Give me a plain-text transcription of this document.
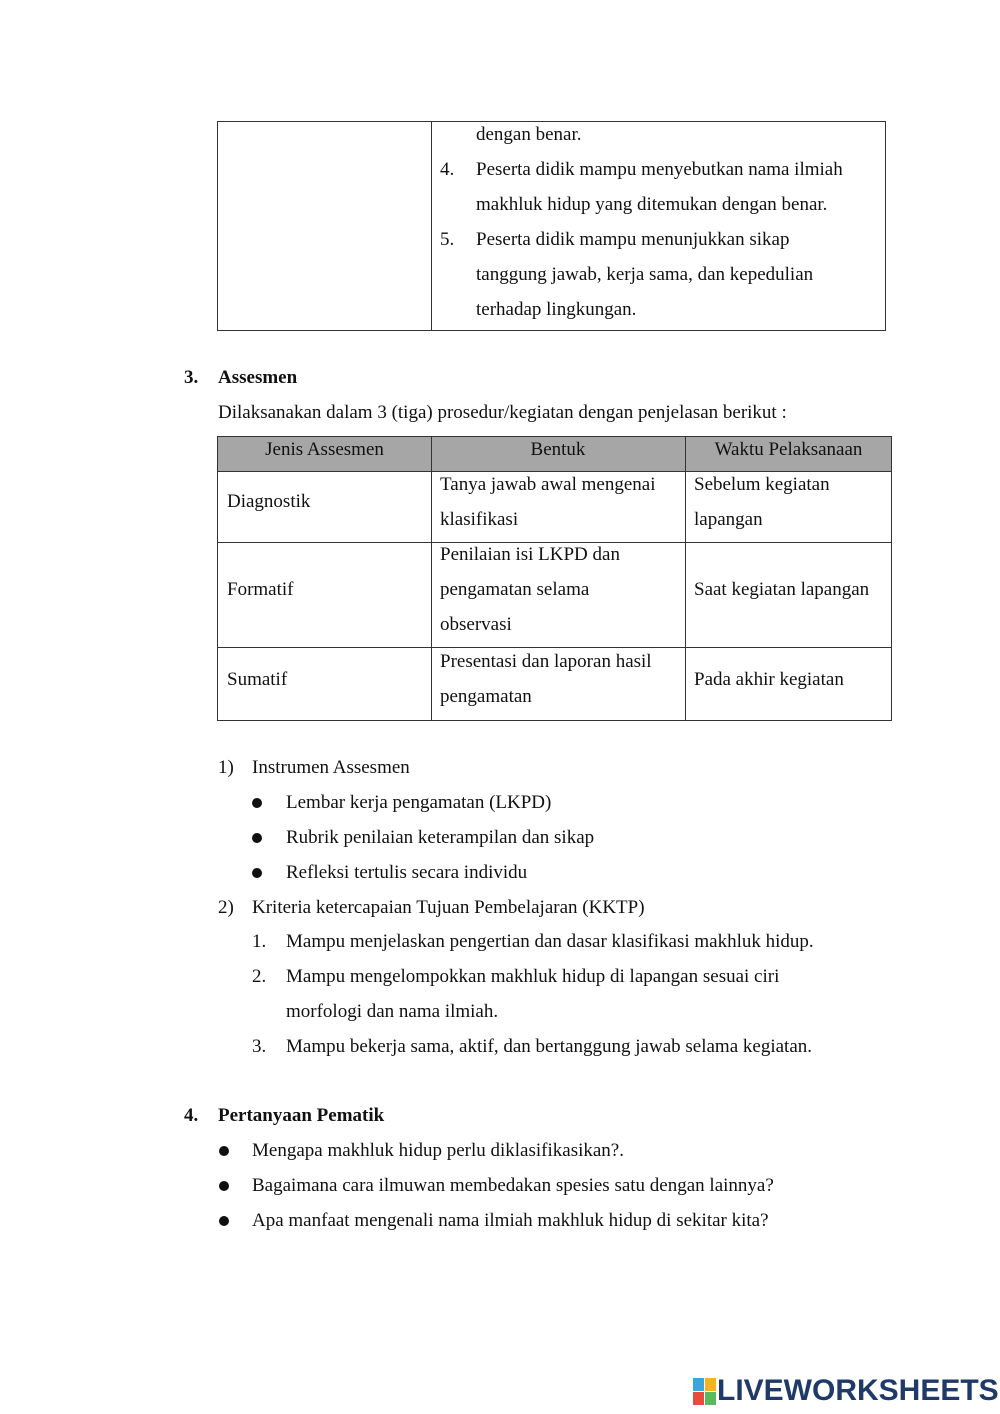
dengan benar.
4. Peserta didik mampu menyebutkan nama ilmiah
makhluk hidup yang ditemukan dengan benar.
5. Peserta didik mampu menunjukkan sikap
tanggung jawab, kerja sama, dan kepedulian
terhadap lingkungan.
3. Assesmen
Dilaksanakan dalam 3 (tiga) prosedur/kegiatan dengan penjelasan berikut :
Jenis Assesmen	Bentuk	Waktu Pelaksanaan
Diagnostik
Tanya jawab awal mengenai
klasifikasi
Sebelum kegiatan
lapangan
Formatif
Penilaian isi LKPD dan
pengamatan selama
observasi
Saat kegiatan lapangan
Sumatif
Presentasi dan laporan hasil
pengamatan
Pada akhir kegiatan
1) Instrumen Assesmen
Lembar kerja pengamatan (LKPD)
Rubrik penilaian keterampilan dan sikap
Refleksi tertulis secara individu
2) Kriteria ketercapaian Tujuan Pembelajaran (KKTP)
1. Mampu menjelaskan pengertian dan dasar klasifikasi makhluk hidup.
2. Mampu mengelompokkan makhluk hidup di lapangan sesuai ciri
morfologi dan nama ilmiah.
3. Mampu bekerja sama, aktif, dan bertanggung jawab selama kegiatan.
4. Pertanyaan Pematik
Mengapa makhluk hidup perlu diklasifikasikan?.
Bagaimana cara ilmuwan membedakan spesies satu dengan lainnya?
Apa manfaat mengenali nama ilmiah makhluk hidup di sekitar kita?
LIVEWORKSHEETS
